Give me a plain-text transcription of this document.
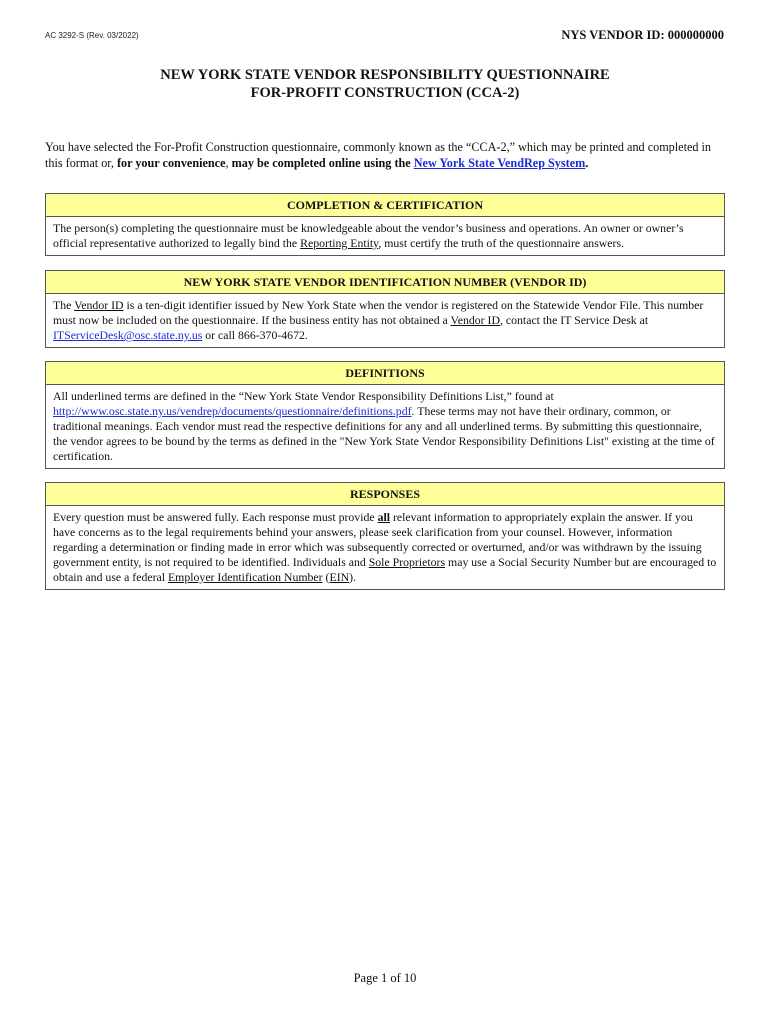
AC 3292-S (Rev. 03/2022)	NYS VENDOR ID: 000000000
NEW YORK STATE VENDOR RESPONSIBILITY QUESTIONNAIRE
FOR-PROFIT CONSTRUCTION (CCA-2)
You have selected the For-Profit Construction questionnaire, commonly known as the “CCA-2,” which may be printed and completed in this format or, for your convenience, may be completed online using the New York State VendRep System.
COMPLETION & CERTIFICATION
The person(s) completing the questionnaire must be knowledgeable about the vendor’s business and operations. An owner or owner’s official representative authorized to legally bind the Reporting Entity, must certify the truth of the questionnaire answers.
NEW YORK STATE VENDOR IDENTIFICATION NUMBER (VENDOR ID)
The Vendor ID is a ten-digit identifier issued by New York State when the vendor is registered on the Statewide Vendor File. This number must now be included on the questionnaire. If the business entity has not obtained a Vendor ID, contact the IT Service Desk at ITServiceDesk@osc.state.ny.us or call 866-370-4672.
DEFINITIONS
All underlined terms are defined in the “New York State Vendor Responsibility Definitions List,” found at http://www.osc.state.ny.us/vendrep/documents/questionnaire/definitions.pdf. These terms may not have their ordinary, common, or traditional meanings. Each vendor must read the respective definitions for any and all underlined terms. By submitting this questionnaire, the vendor agrees to be bound by the terms as defined in the "New York State Vendor Responsibility Definitions List" existing at the time of certification.
RESPONSES
Every question must be answered fully. Each response must provide all relevant information to appropriately explain the answer. If you have concerns as to the legal requirements behind your answers, please seek clarification from your counsel. However, information regarding a determination or finding made in error which was subsequently corrected or overturned, and/or was withdrawn by the issuing government entity, is not required to be identified. Individuals and Sole Proprietors may use a Social Security Number but are encouraged to obtain and use a federal Employer Identification Number (EIN).
Page 1 of 10
